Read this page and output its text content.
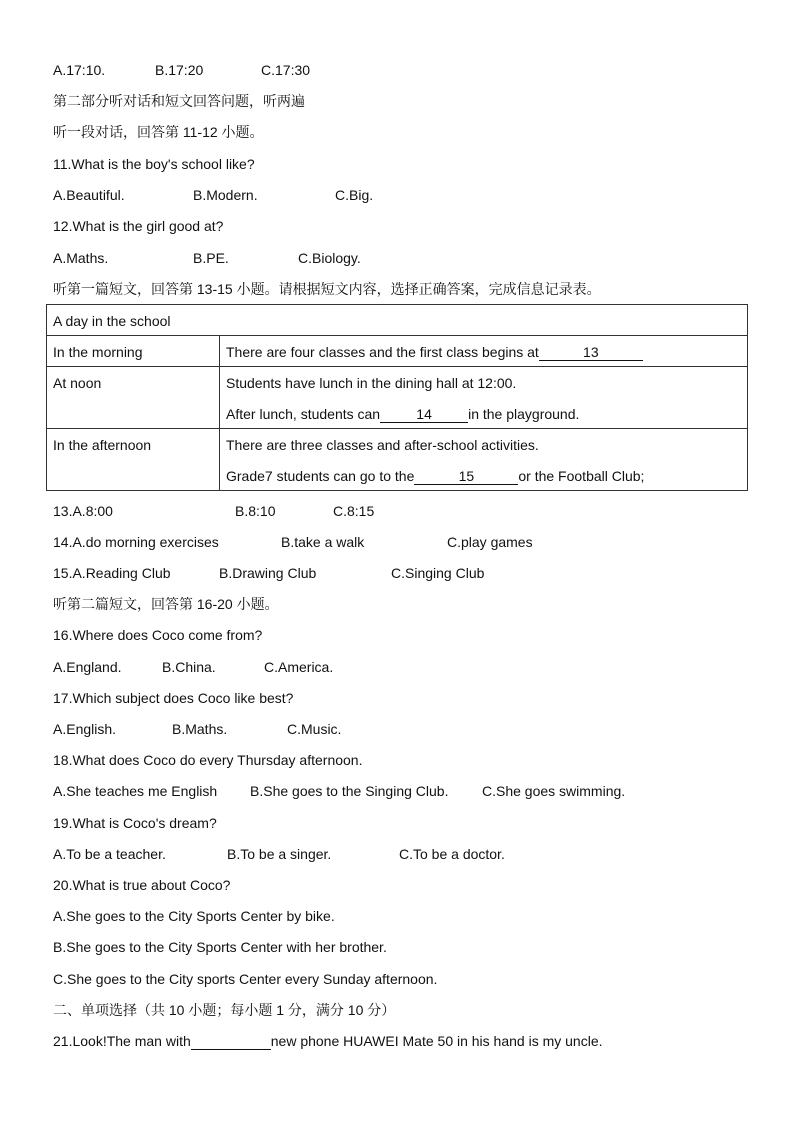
A.17:10.	B.17:20	C.17:30
第二部分听对话和短文回答问题，听两遍
听一段对话，回答第 11-12 小题。
11.What is the boy's school like?
A.Beautiful.	B.Modern.	C.Big.
12.What is the girl good at?
A.Maths.	B.PE.	C.Biology.
听第一篇短文，回答第 13-15 小题。请根据短文内容，选择正确答案，完成信息记录表。
A day in the school	

In the morning	There are four classes and the first class begins at 13

At noon	Students have lunch in the dining hall at 12:00.
After lunch, students can 14 in the playground.

In the afternoon	There are three classes and after-school activities.
Grade7 students can go to the 15 or the Football Club;
13.A.8:00	B.8:10	C.8:15
14.A.do morning exercises	B.take a walk	C.play games
15.A.Reading Club	B.Drawing Club	C.Singing Club
听第二篇短文，回答第 16-20 小题。
16.Where does Coco come from?
A.England.	B.China.	C.America.
17.Which subject does Coco like best?
A.English.	B.Maths.	C.Music.
18.What does Coco do every Thursday afternoon.
A.She teaches me English B.She goes to the Singing Club. C.She goes swimming.
19.What is Coco's dream?
A.To be a teacher.	B.To be a singer.	C.To be a doctor.
20.What is true about Coco?
A.She goes to the City Sports Center by bike.
B.She goes to the City Sports Center with her brother.
C.She goes to the City sports Center every Sunday afternoon.
二、单项选择（共 10 小题；每小题 1 分，满分 10 分）
21.Look!The man with	new phone HUAWEI Mate 50 in his hand is my uncle.
